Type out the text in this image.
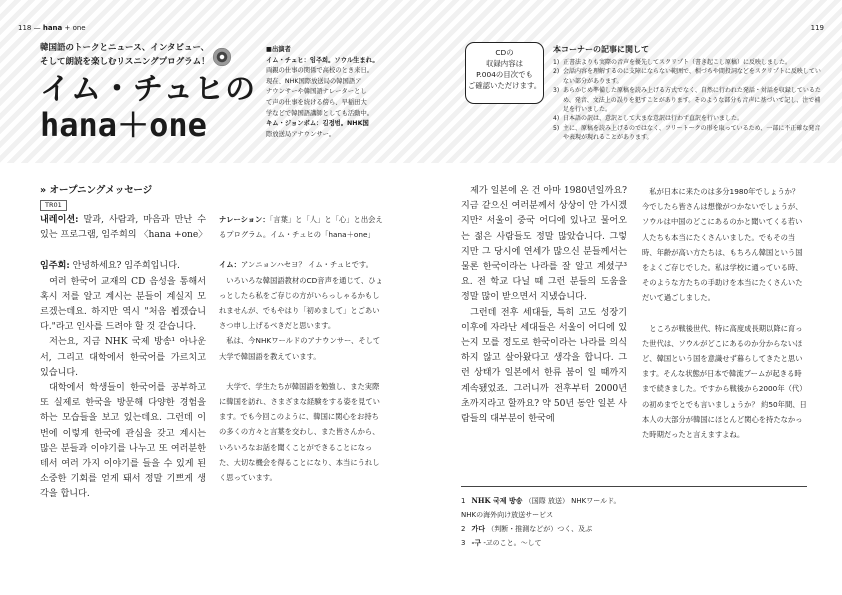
118 — hana + one	119
韓国語のトークとニュース、インタビュー、
そして朗読を楽しむリスニングプログラム！
イム・チュヒの
hana＋one
■出演者
イム・チュヒ：임주희。ソウル生まれ。
両親の仕事の関係で高校のとき来日。
現在、NHK国際放送局の韓国語ア
ナウンサーや韓国語ナレーターとし
て声の仕事を続ける傍ら、早稲田大
学などで韓国語講師としても活動中。
キム・ジョンボム：김정범。NHK国
際放送局アナウンサー。
CDの
収録内容は
P.004の目次でも
ご確認いただけます。
本コーナーの記事に関して
1) 正書法よりも実際の音声を優先してスクリプト（書き起こし原稿）に反映しました。
2) 会話内容を理解するのに支障にならない範囲で、相づちや間投詞などをスクリプトに反映していない部分があります。
3) あらかじめ準備した原稿を読み上げる方式でなく、自然に行われた発話・対話を収録しているため、発音、文法上の誤りを犯すことがあります。そのような部分も音声に基づいて記し、注で補足を行いました。
4) 日本語の訳は、意訳として大まな意訳は行わず直訳を行いました。
5) 主に、原稿を読み上げるのではなく、フリートークの形を取っているため、一部に不正確な発音や表現が現れることがあります。
» オープニングメッセージ
TR01

내레이션: 말과, 사람과, 마음과 만난 수 있는 프로그램, 임주희의 〈hana +one〉

임주희: 안녕하세요? 임주희입니다.

여러 한국어 교재의 CD 음성을 통해서 혹시 저를 알고 계시는 분들이 계실지 모르겠는데요. 하지만 역시 "처음 뵙겠습니다."라고 인사를 드려야 할 것 같습니다.

저는요, 지금 NHK 국제 방송¹ 아나운서, 그리고 대학에서 한국어를 가르치고 있습니다.

대학에서 학생들이 한국어를 공부하고 또 실제로 한국을 방문해 다양한 경험을 하는 모습들을 보고 있는데요. 그런데 이번에 이렇게 한국에 관심을 갖고 계시는 많은 분들과 이야기를 나누고 또 여러분한테서 여러 가지 이야기를 들을 수 있게 된 소중한 기회를 얻게 돼서 정말 기쁘게 생각을 합니다.

ナレーション：「言葉」と「人」と「心」と出会えるプログラム。イム・チュヒの「hana＋one」

イム：アンニョンハセヨ？ イム・チュヒです。

いろいろな韓国語教材のCD音声を通じて、ひょっとしたら私をご存じの方がいらっしゃるかもしれませんが、でもやはり「初めまして」とごあいさつ申し上げるべきだと思います。

私は、今NHKワールドのアナウンサー、そして大学で韓国語を教えています。

大学で、学生たちが韓国語を勉強し、また実際に韓国を訪れ、さまざまな経験をする姿を見ています。でも今回このように、韓国に関心をお持ちの多くの方々と言葉を交わし、また皆さんから、いろいろなお話を聞くことができることになった、大切な機会を得ることになり、本当にうれしく思っています。

제가 일본에 온 건 아마 1980년일까요? 지금 같으신 여러분께서 상상이 안 가시겠지만² 서울이 중국 어디에 있나고 물어오는 젊은 사람들도 정말 많았습니다. 그렇지만 그 당시에 연세가 많으신 분들께서는 물론 한국이라는 나라를 잘 알고 계셨구³요. 전 학교 다닐 때 그런 분들의 도움을 정말 많이 받으면서 지냈습니다.

그런데 전후 세대들, 특히 고도 성장기 이후에 자라난 세대들은 서울이 어디에 있는지 모를 정도로 한국이라는 나라를 의식하지 않고 살아왔다고 생각을 합니다. 그런 상태가 일본에서 한류 붐이 일 때까지 계속됐었죠. 그러니까 전후부터 2000년 초까지라고 할까요? 약 50년 동안 일본 사람들의 대부분이 한국에

私が日本に来たのは多分1980年でしょうか？ 今でしたら皆さんは想像がつかないでしょうが、ソウルは中国のどこにあるのかと聞いてくる若い人たちも本当にたくさんいました。でもその当時、年齢が高い方たちは、もちろん韓国という国をよくご存じでした。私は学校に通っている時、そのような方たちの手助けを本当にたくさんいただいて過ごしました。

ところが戦後世代、特に高度成長期以降に育った世代は、ソウルがどこにあるのか分からないほど、韓国という国を意識せず暮らしてきたと思います。そんな状態が日本で韓流ブームが起きる時まで続きました。ですから戦後から2000年（代）の初めまでとでも言いましょうか？ 約50年間、日本人の大部分が韓国にほとんど関心を持たなかった時期だったと言えますよね。

1 NHK 국제 방송 （国際 放送） NHKワールド。NHKの海外向け放送サービス
2 가다 （判断・推測などが）つく、及ぶ
3 -구 -고のこと。～して
